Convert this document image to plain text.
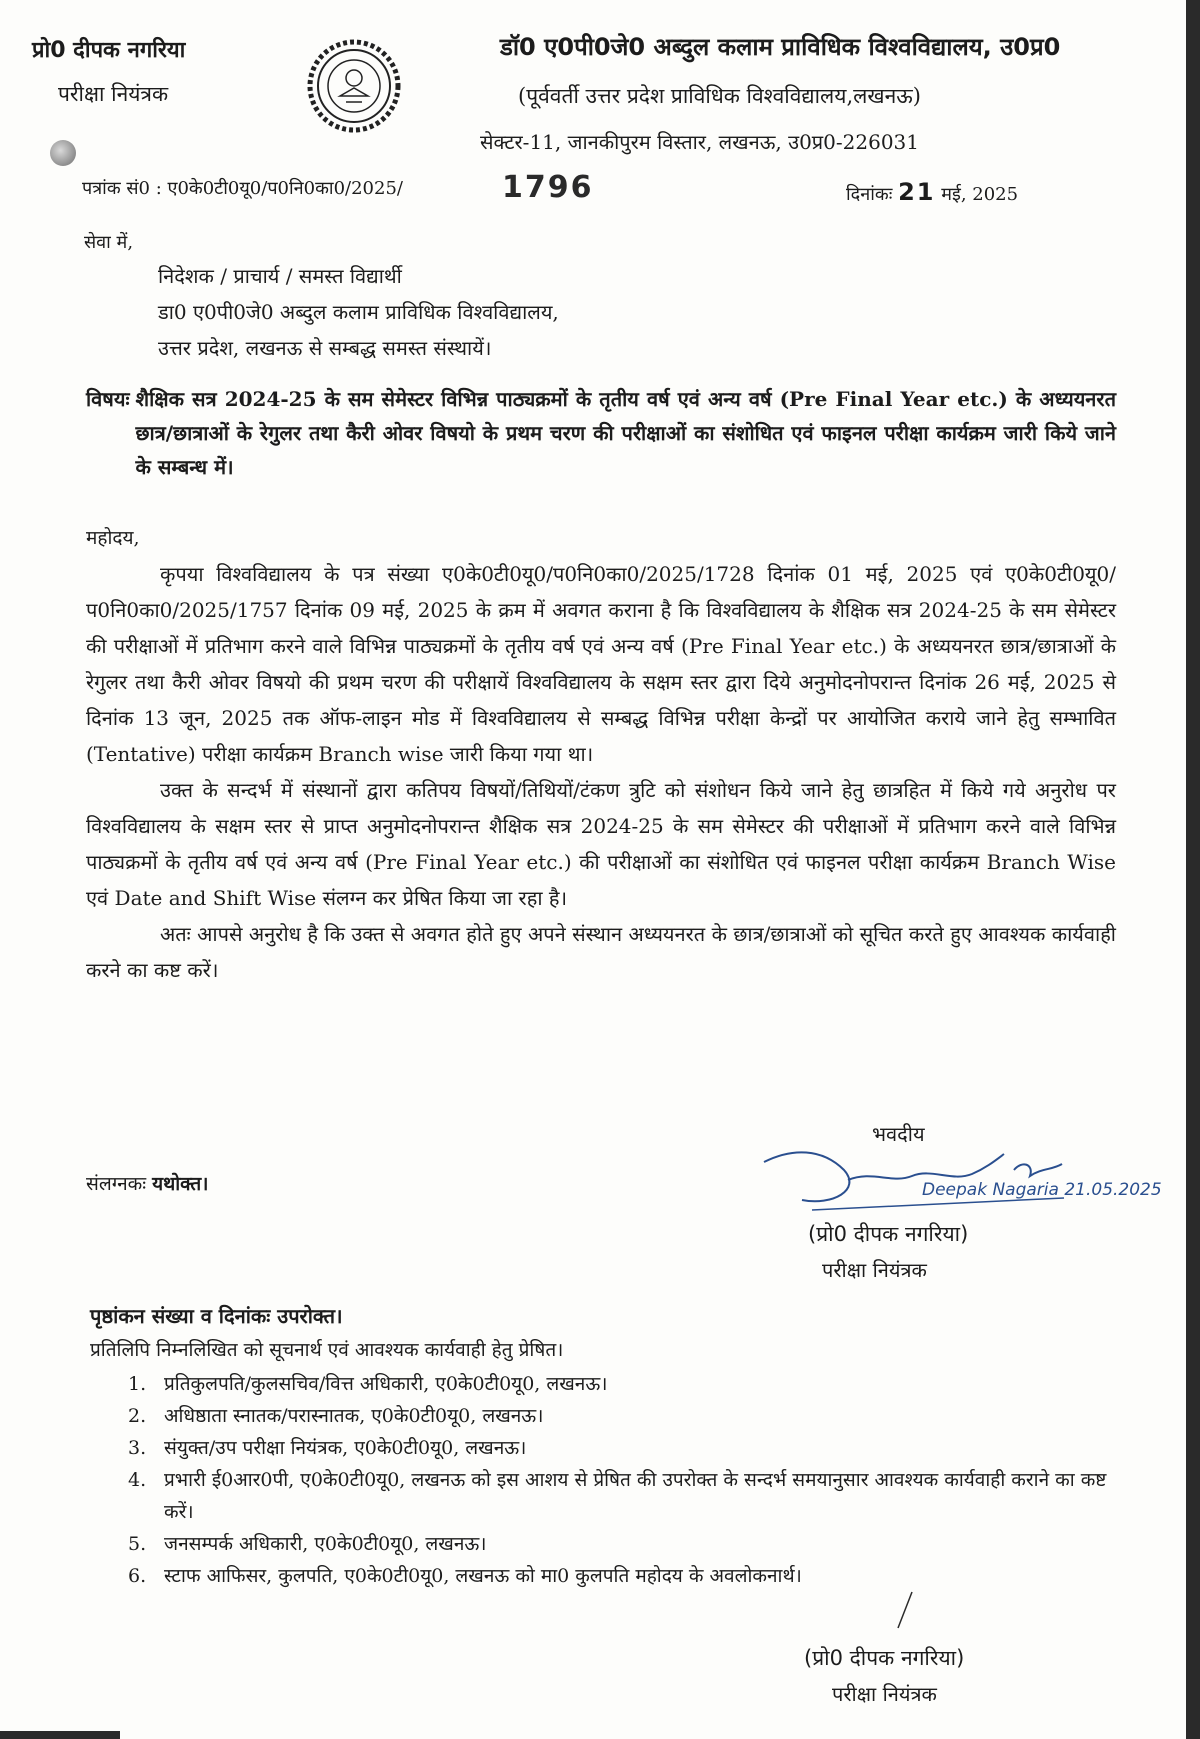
प्रो0 दीपक नगरिया
परीक्षा नियंत्रक
डॉ0 ए0पी0जे0 अब्दुल कलाम प्राविधिक विश्वविद्यालय, उ0प्र0
(पूर्ववर्ती उत्तर प्रदेश प्राविधिक विश्वविद्यालय,लखनऊ)
सेक्टर-11, जानकीपुरम विस्तार, लखनऊ, उ0प्र0-226031
पत्रांक सं0 : ए0के0टी0यू0/प0नि0का0/2025/	1796	दिनांकः 21 मई, 2025
सेवा में,
निदेशक / प्राचार्य / समस्त विद्यार्थी
डा0 ए0पी0जे0 अब्दुल कलाम प्राविधिक विश्वविद्यालय,
उत्तर प्रदेश, लखनऊ से सम्बद्ध समस्त संस्थायें।
विषयः शैक्षिक सत्र 2024-25 के सम सेमेस्टर विभिन्न पाठ्यक्रमों के तृतीय वर्ष एवं अन्य वर्ष (Pre Final Year etc.) के अध्ययनरत छात्र/छात्राओं के रेगुलर तथा कैरी ओवर विषयो के प्रथम चरण की परीक्षाओं का संशोधित एवं फाइनल परीक्षा कार्यक्रम जारी किये जाने के सम्बन्ध में।
महोदय,

कृपया विश्वविद्यालय के पत्र संख्या ए0के0टी0यू0/प0नि0का0/2025/1728 दिनांक 01 मई, 2025 एवं ए0के0टी0यू0/प0नि0का0/2025/1757 दिनांक 09 मई, 2025 के क्रम में अवगत कराना है कि विश्वविद्यालय के शैक्षिक सत्र 2024-25 के सम सेमेस्टर की परीक्षाओं में प्रतिभाग करने वाले विभिन्न पाठ्यक्रमों के तृतीय वर्ष एवं अन्य वर्ष (Pre Final Year etc.) के अध्ययनरत छात्र/छात्राओं के रेगुलर तथा कैरी ओवर विषयो की प्रथम चरण की परीक्षायें विश्वविद्यालय के सक्षम स्तर द्वारा दिये अनुमोदनोपरान्त दिनांक 26 मई, 2025 से दिनांक 13 जून, 2025 तक ऑफ-लाइन मोड में विश्वविद्यालय से सम्बद्ध विभिन्न परीक्षा केन्द्रों पर आयोजित कराये जाने हेतु सम्भावित (Tentative) परीक्षा कार्यक्रम Branch wise जारी किया गया था।

उक्त के सन्दर्भ में संस्थानों द्वारा कतिपय विषयों/तिथियों/टंकण त्रुटि को संशोधन किये जाने हेतु छात्रहित में किये गये अनुरोध पर विश्वविद्यालय के सक्षम स्तर से प्राप्त अनुमोदनोपरान्त शैक्षिक सत्र 2024-25 के सम सेमेस्टर की परीक्षाओं में प्रतिभाग करने वाले विभिन्न पाठ्यक्रमों के तृतीय वर्ष एवं अन्य वर्ष (Pre Final Year etc.) की परीक्षाओं का संशोधित एवं फाइनल परीक्षा कार्यक्रम Branch Wise एवं Date and Shift Wise संलग्न कर प्रेषित किया जा रहा है।

अतः आपसे अनुरोध है कि उक्त से अवगत होते हुए अपने संस्थान अध्ययनरत के छात्र/छात्राओं को सूचित करते हुए आवश्यक कार्यवाही करने का कष्ट करें।

भवदीय
संलग्नकः यथोक्त।	Deepak Nagaria 21.05.2025
(प्रो0 दीपक नगरिया)
परीक्षा नियंत्रक
पृष्ठांकन संख्या व दिनांकः उपरोक्त।
प्रतिलिपि निम्नलिखित को सूचनार्थ एवं आवश्यक कार्यवाही हेतु प्रेषित।
1. प्रतिकुलपति/कुलसचिव/वित्त अधिकारी, ए0के0टी0यू0, लखनऊ।
2. अधिष्ठाता स्नातक/परास्नातक, ए0के0टी0यू0, लखनऊ।
3. संयुक्त/उप परीक्षा नियंत्रक, ए0के0टी0यू0, लखनऊ।
4. प्रभारी ई0आर0पी, ए0के0टी0यू0, लखनऊ को इस आशय से प्रेषित की उपरोक्त के सन्दर्भ समयानुसार आवश्यक कार्यवाही कराने का कष्ट करें।
5. जनसम्पर्क अधिकारी, ए0के0टी0यू0, लखनऊ।
6. स्टाफ आफिसर, कुलपति, ए0के0टी0यू0, लखनऊ को मा0 कुलपति महोदय के अवलोकनार्थ।
(प्रो0 दीपक नगरिया)
परीक्षा नियंत्रक
